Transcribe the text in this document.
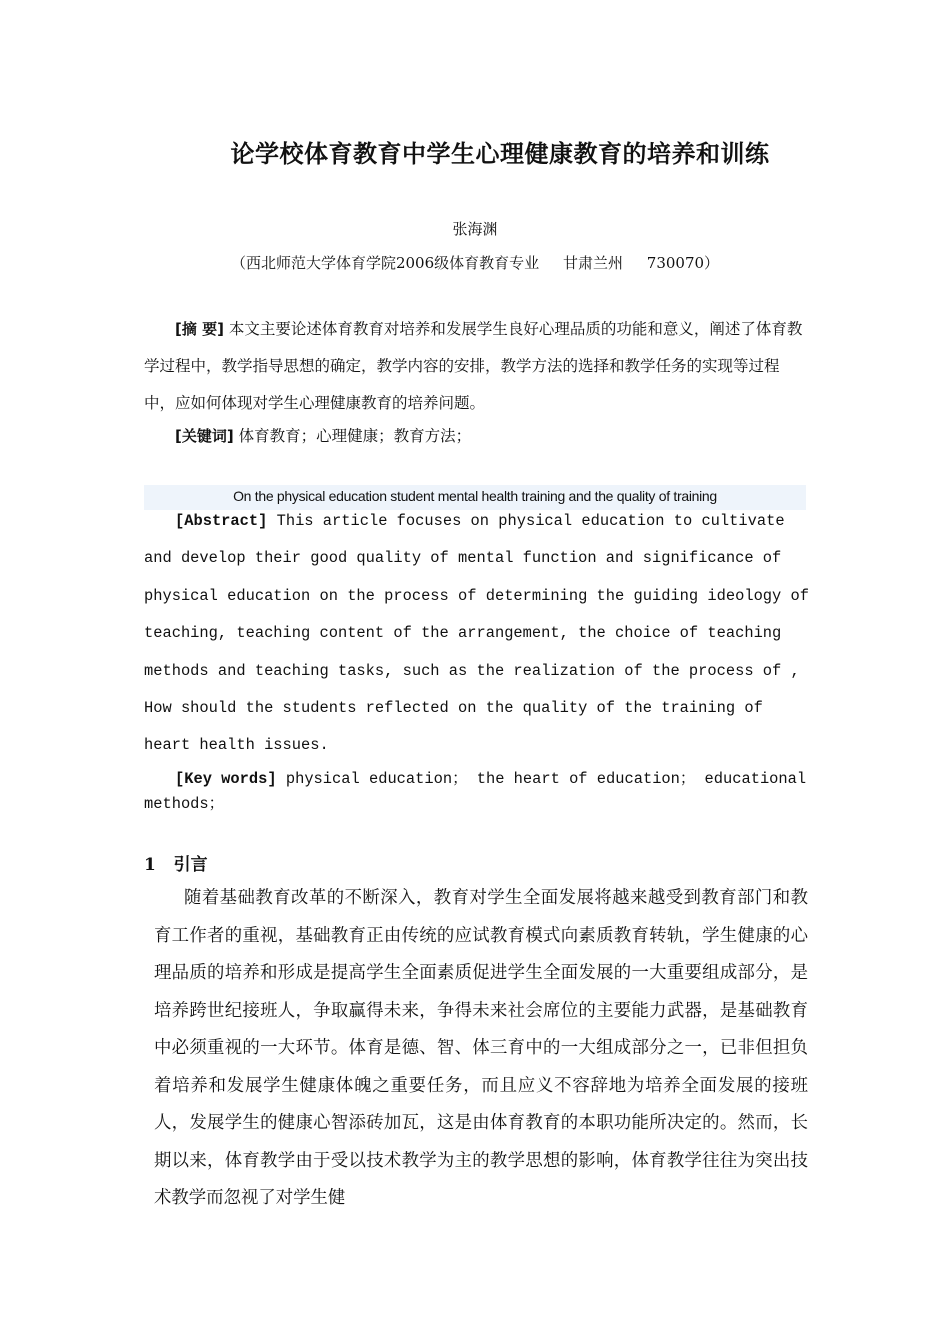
论学校体育教育中学生心理健康教育的培养和训练
张海渊
（西北师范大学体育学院2006级体育教育专业     甘肃兰州     730070）

[摘 要] 本文主要论述体育教育对培养和发展学生良好心理品质的功能和意义，阐述了体育教学过程中，教学指导思想的确定，教学内容的安排，教学方法的选择和教学任务的实现等过程中，应如何体现对学生心理健康教育的培养问题。

[关键词] 体育教育；心理健康；教育方法；

On the physical education student mental health training and the quality of training

[Abstract] This article focuses on physical education to cultivate and develop their good quality of mental function and significance of physical education on the process of determining the guiding ideology of teaching, teaching content of the arrangement, the choice of teaching methods and teaching tasks, such as the realization of the process of , How should the students reflected on the quality of the training of heart health issues.

[Key words] physical education； the heart of education； educational methods；

1   引言

随着基础教育改革的不断深入，教育对学生全面发展将越来越受到教育部门和教育工作者的重视，基础教育正由传统的应试教育模式向素质教育转轨，学生健康的心理品质的培养和形成是提高学生全面素质促进学生全面发展的一大重要组成部分，是培养跨世纪接班人，争取赢得未来，争得未来社会席位的主要能力武器，是基础教育中必须重视的一大环节。体育是德、智、体三育中的一大组成部分之一，已非但担负着培养和发展学生健康体魄之重要任务，而且应义不容辞地为培养全面发展的接班人，发展学生的健康心智添砖加瓦，这是由体育教育的本职功能所决定的。然而，长期以来，体育教学由于受以技术教学为主的教学思想的影响，体育教学往往为突出技术教学而忽视了对学生健
